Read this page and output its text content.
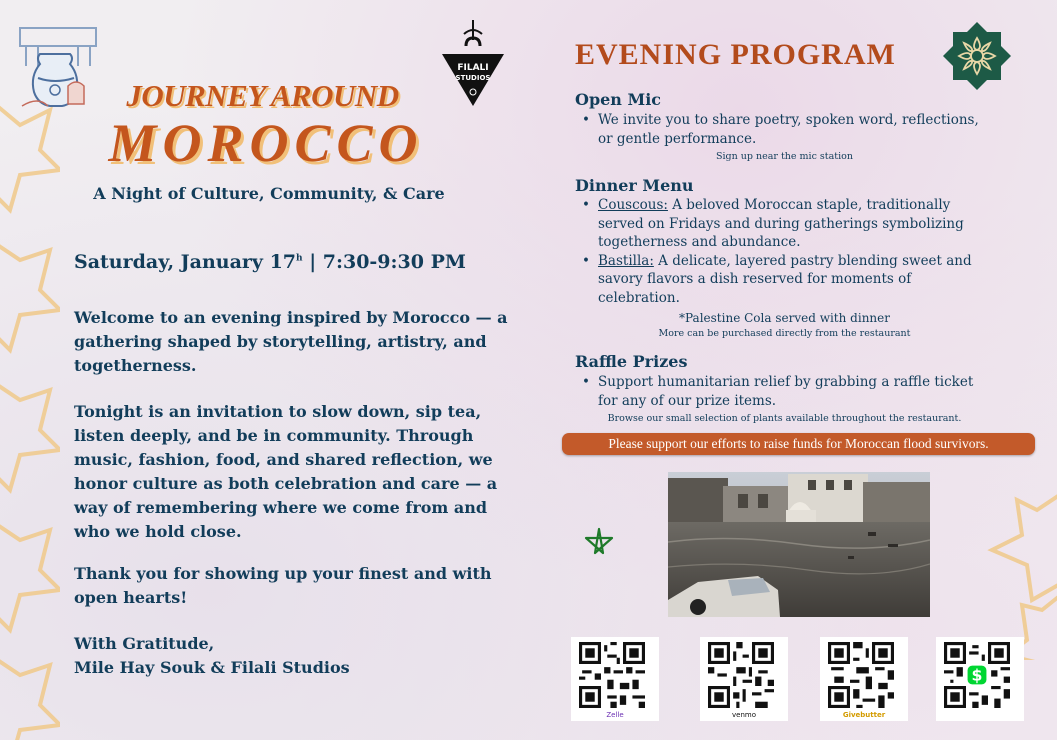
FILALI
STUDIOS
JOURNEY AROUND
MOROCCO
A Night of Culture, Community, & Care
Saturday, January 17$^h$ | 7:30-9:30 PM
Welcome to an evening inspired by Morocco — a gathering shaped by storytelling, artistry, and togetherness.
Tonight is an invitation to slow down, sip tea, listen deeply, and be in community. Through music, fashion, food, and shared reflection, we honor culture as both celebration and care — a way of remembering where we come from and who we hold close.
Thank you for showing up your finest and with open hearts!
With Gratitude,
Mile Hay Souk & Filali Studios
EVENING PROGRAM
Open Mic
• We invite you to share poetry, spoken word, reflections, or gentle performance.
Sign up near the mic station
Dinner Menu
• Couscous: A beloved Moroccan staple, traditionally served on Fridays and during gatherings symbolizing togetherness and abundance.
• Bastilla: A delicate, layered pastry blending sweet and savory flavors a dish reserved for moments of celebration.
*Palestine Cola served with dinner
More can be purchased directly from the restaurant
Raffle Prizes
• Support humanitarian relief by grabbing a raffle ticket for any of our prize items.
Browse our small selection of plants available throughout the restaurant.
Please support our efforts to raise funds for Moroccan flood survivors.
Zelle	venmo	Givebutter
$
